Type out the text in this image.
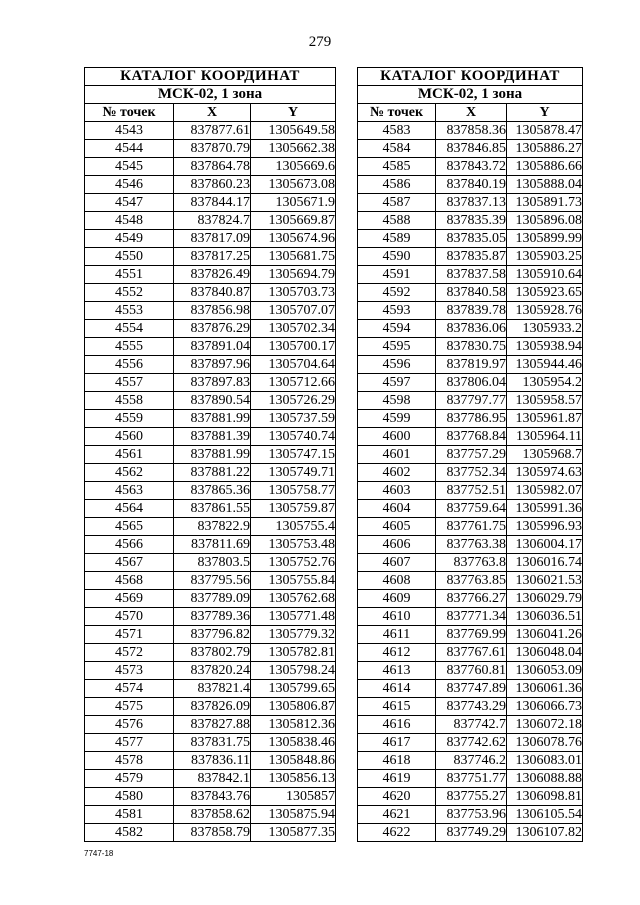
279
КАТАЛОГ КООРДИНАТ		
МСК-02, 1 зона		
№ точек	X	Y
4543	837877.61	1305649.58
4544	837870.79	1305662.38
4545	837864.78	1305669.6
4546	837860.23	1305673.08
4547	837844.17	1305671.9
4548	837824.7	1305669.87
4549	837817.09	1305674.96
4550	837817.25	1305681.75
4551	837826.49	1305694.79
4552	837840.87	1305703.73
4553	837856.98	1305707.07
4554	837876.29	1305702.34
4555	837891.04	1305700.17
4556	837897.96	1305704.64
4557	837897.83	1305712.66
4558	837890.54	1305726.29
4559	837881.99	1305737.59
4560	837881.39	1305740.74
4561	837881.99	1305747.15
4562	837881.22	1305749.71
4563	837865.36	1305758.77
4564	837861.55	1305759.87
4565	837822.9	1305755.4
4566	837811.69	1305753.48
4567	837803.5	1305752.76
4568	837795.56	1305755.84
4569	837789.09	1305762.68
4570	837789.36	1305771.48
4571	837796.82	1305779.32
4572	837802.79	1305782.81
4573	837820.24	1305798.24
4574	837821.4	1305799.65
4575	837826.09	1305806.87
4576	837827.88	1305812.36
4577	837831.75	1305838.46
4578	837836.11	1305848.86
4579	837842.1	1305856.13
4580	837843.76	1305857
4581	837858.62	1305875.94
4582	837858.79	1305877.35
КАТАЛОГ КООРДИНАТ		
МСК-02, 1 зона		
№ точек	X	Y
4583	837858.36	1305878.47
4584	837846.85	1305886.27
4585	837843.72	1305886.66
4586	837840.19	1305888.04
4587	837837.13	1305891.73
4588	837835.39	1305896.08
4589	837835.05	1305899.99
4590	837835.87	1305903.25
4591	837837.58	1305910.64
4592	837840.58	1305923.65
4593	837839.78	1305928.76
4594	837836.06	1305933.2
4595	837830.75	1305938.94
4596	837819.97	1305944.46
4597	837806.04	1305954.2
4598	837797.77	1305958.57
4599	837786.95	1305961.87
4600	837768.84	1305964.11
4601	837757.29	1305968.7
4602	837752.34	1305974.63
4603	837752.51	1305982.07
4604	837759.64	1305991.36
4605	837761.75	1305996.93
4606	837763.38	1306004.17
4607	837763.8	1306016.74
4608	837763.85	1306021.53
4609	837766.27	1306029.79
4610	837771.34	1306036.51
4611	837769.99	1306041.26
4612	837767.61	1306048.04
4613	837760.81	1306053.09
4614	837747.89	1306061.36
4615	837743.29	1306066.73
4616	837742.7	1306072.18
4617	837742.62	1306078.76
4618	837746.2	1306083.01
4619	837751.77	1306088.88
4620	837755.27	1306098.81
4621	837753.96	1306105.54
4622	837749.29	1306107.82
7747-18
